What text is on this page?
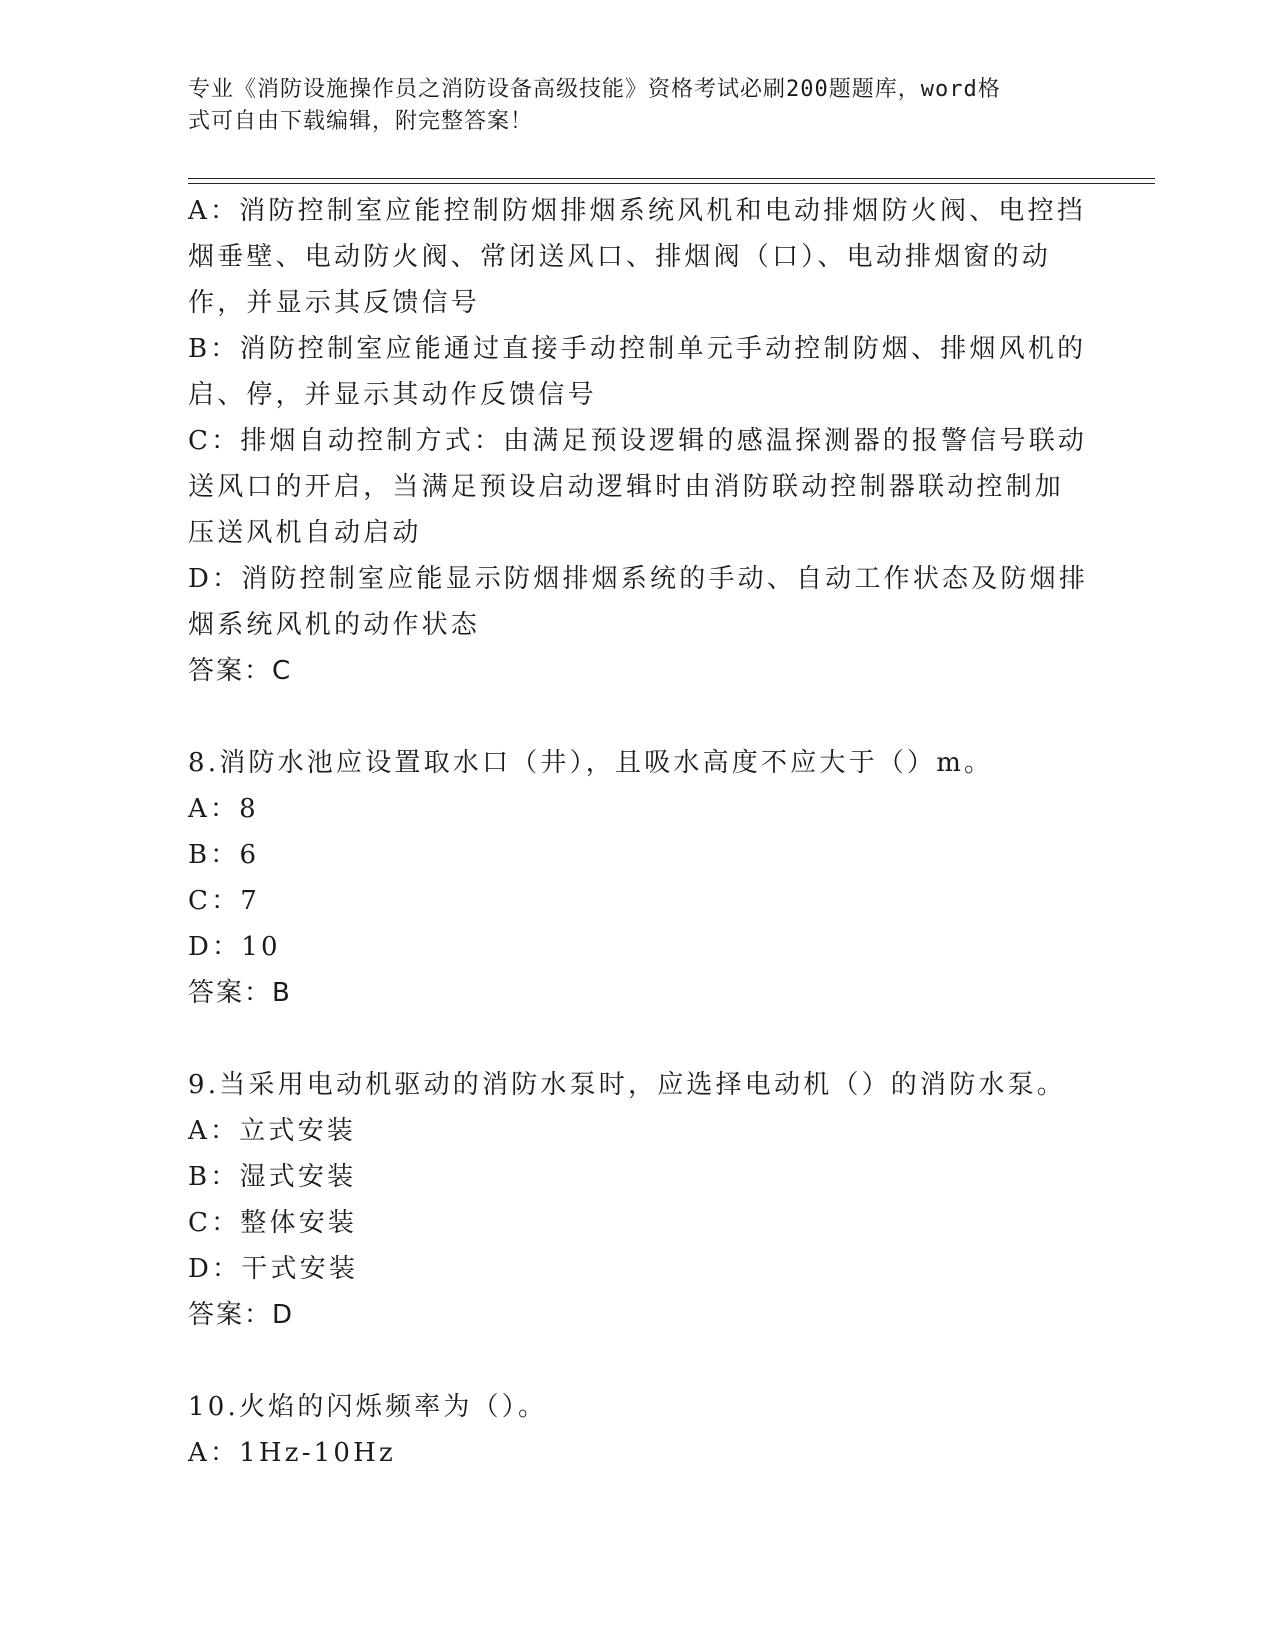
专业《消防设施操作员之消防设备高级技能》资格考试必刷200题题库，word格
式可自由下载编辑，附完整答案！
A：消防控制室应能控制防烟排烟系统风机和电动排烟防火阀、电控挡
烟垂壁、电动防火阀、常闭送风口、排烟阀（口）、电动排烟窗的动
作，并显示其反馈信号
B：消防控制室应能通过直接手动控制单元手动控制防烟、排烟风机的
启、停，并显示其动作反馈信号
C：排烟自动控制方式：由满足预设逻辑的感温探测器的报警信号联动
送风口的开启，当满足预设启动逻辑时由消防联动控制器联动控制加
压送风机自动启动
D：消防控制室应能显示防烟排烟系统的手动、自动工作状态及防烟排
烟系统风机的动作状态
答案：C
8.消防水池应设置取水口（井），且吸水高度不应大于（）m。
A：8
B：6
C：7
D：10
答案：B
9.当采用电动机驱动的消防水泵时，应选择电动机（）的消防水泵。
A：立式安装
B：湿式安装
C：整体安装
D：干式安装
答案：D
10.火焰的闪烁频率为（）。
A：1Hz-10Hz
